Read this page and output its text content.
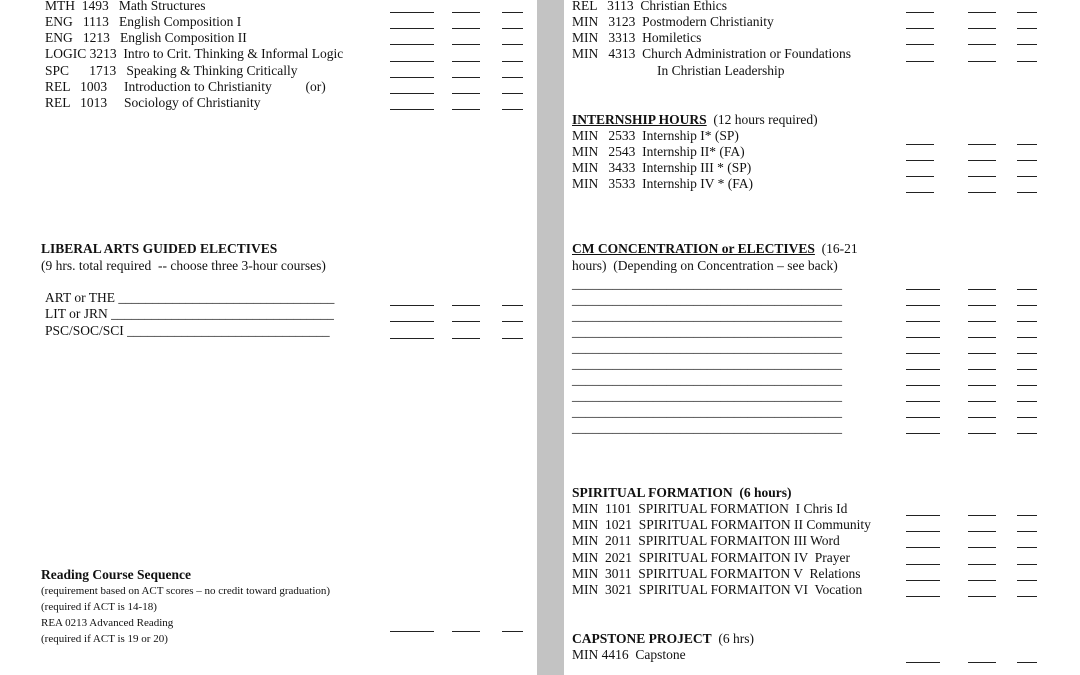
MTH  1493   Math Structures
ENG   1113   English Composition I
ENG   1213   English Composition II
LOGIC 3213  Intro to Crit. Thinking & Informal Logic
SPC      1713   Speaking & Thinking Critically
REL   1003     Introduction to Christianity          (or)
REL   1013     Sociology of Christianity
LIBERAL ARTS GUIDED ELECTIVES
(9 hrs. total required  -- choose three 3-hour courses)
ART or THE ________________________________
LIT or JRN _________________________________
PSC/SOC/SCI ______________________________
Reading Course Sequence
(requirement based on ACT scores – no credit toward graduation)
(required if ACT is 14-18)
REA 0213 Advanced Reading
(required if ACT is 19 or 20)
REL   3113  Christian Ethics
MIN   3123  Postmodern Christianity
MIN   3313  Homiletics
MIN   4313  Church Administration or Foundations
In Christian Leadership
INTERNSHIP HOURS (12 hours required)
MIN   2533  Internship I* (SP)
MIN   2543  Internship II* (FA)
MIN   3433  Internship III * (SP)
MIN   3533  Internship IV * (FA)
CM CONCENTRATION or ELECTIVES (16-21
hours)  (Depending on Concentration – see back)
________________________________________
________________________________________
________________________________________
________________________________________
________________________________________
________________________________________
________________________________________
________________________________________
________________________________________
________________________________________
SPIRITUAL FORMATION  (6 hours)
MIN  1101  SPIRITUAL FORMATION  I Chris Id
MIN  1021  SPIRITUAL FORMAITON II Community
MIN  2011  SPIRITUAL FORMAITON III Word
MIN  2021  SPIRITUAL FORMAITON IV  Prayer
MIN  3011  SPIRITUAL FORMAITON V  Relations
MIN  3021  SPIRITUAL FORMAITON VI  Vocation
CAPSTONE PROJECT (6 hrs)
MIN 4416  Capstone
